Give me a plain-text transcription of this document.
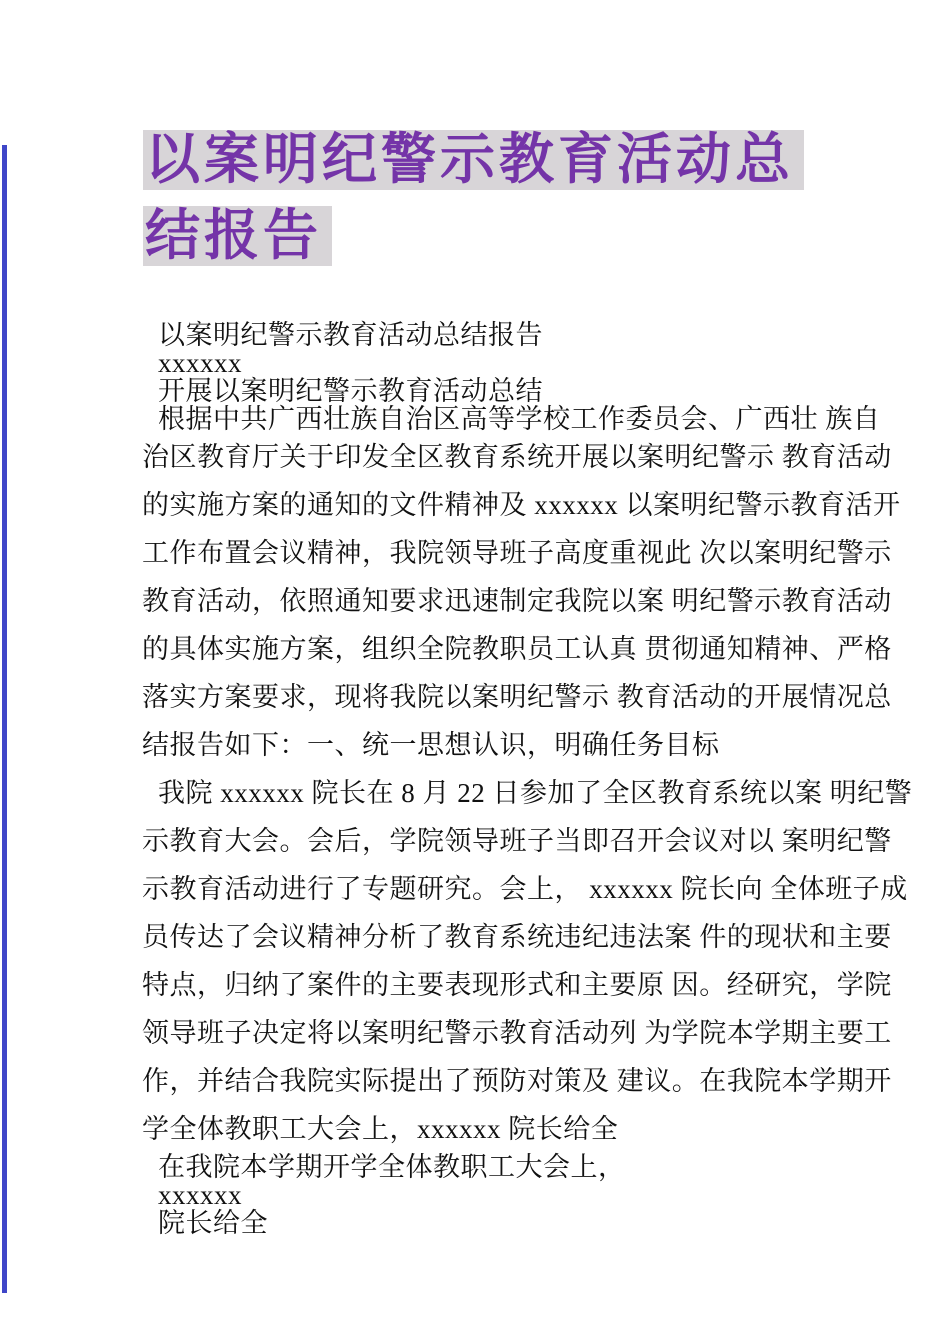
以案明纪警示教育活动总
结报告
以案明纪警示教育活动总结报告
xxxxxx
开展以案明纪警示教育活动总结
根据中共广西壮族自治区高等学校工作委员会、广西壮 族自
治区教育厅关于印发全区教育系统开展以案明纪警示 教育活动
的实施方案的通知的文件精神及 xxxxxx 以案明纪警示教育活开
工作布置会议精神，我院领导班子高度重视此 次以案明纪警示
教育活动，依照通知要求迅速制定我院以案 明纪警示教育活动
的具体实施方案，组织全院教职员工认真 贯彻通知精神、严格
落实方案要求，现将我院以案明纪警示 教育活动的开展情况总
结报告如下：一、统一思想认识，明确任务目标
我院 xxxxxx 院长在 8 月 22 日参加了全区教育系统以案 明纪警
示教育大会。会后，学院领导班子当即召开会议对以 案明纪警
示教育活动进行了专题研究。会上， xxxxxx 院长向 全体班子成
员传达了会议精神分析了教育系统违纪违法案 件的现状和主要
特点，归纳了案件的主要表现形式和主要原 因。经研究，学院
领导班子决定将以案明纪警示教育活动列 为学院本学期主要工
作，并结合我院实际提出了预防对策及 建议。在我院本学期开
学全体教职工大会上，xxxxxx 院长给全
在我院本学期开学全体教职工大会上，
xxxxxx
院长给全
